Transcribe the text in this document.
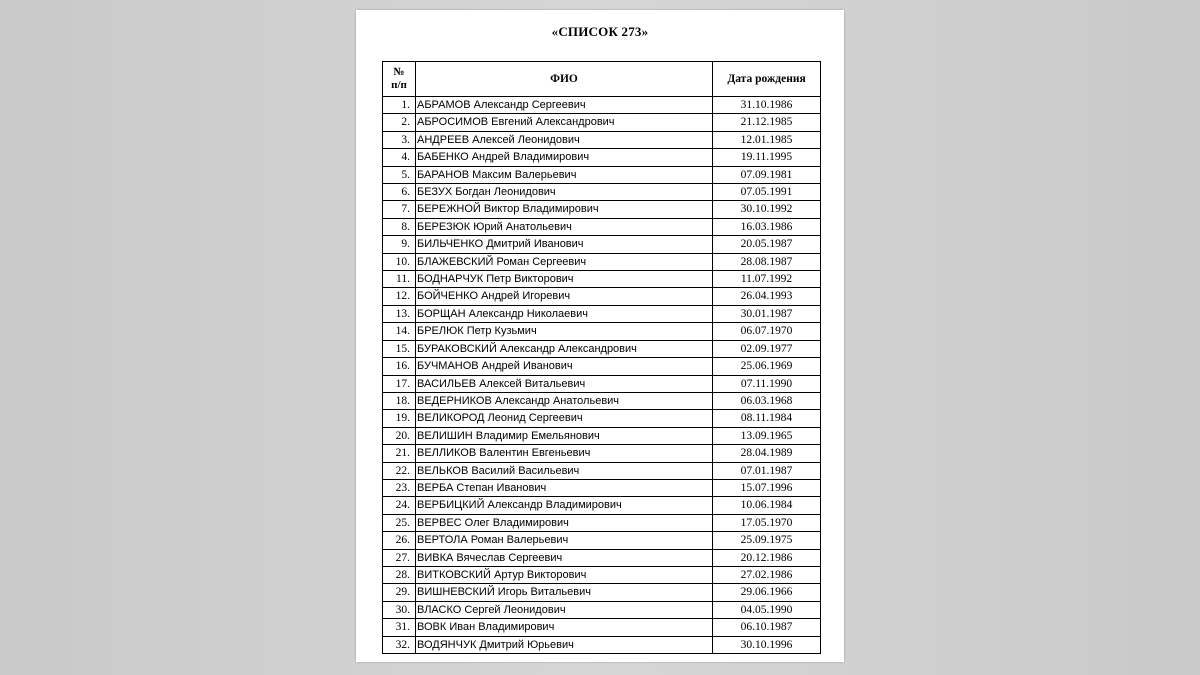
«СПИСОК 273»
№
п/п	ФИО	Дата рождения
1.	АБРАМОВ Александр Сергеевич	31.10.1986
2.	АБРОСИМОВ Евгений Александрович	21.12.1985
3.	АНДРЕЕВ Алексей Леонидович	12.01.1985
4.	БАБЕНКО Андрей Владимирович	19.11.1995
5.	БАРАНОВ Максим Валерьевич	07.09.1981
6.	БЕЗУХ Богдан Леонидович	07.05.1991
7.	БЕРЕЖНОЙ Виктор Владимирович	30.10.1992
8.	БЕРЕЗЮК Юрий Анатольевич	16.03.1986
9.	БИЛЬЧЕНКО Дмитрий Иванович	20.05.1987
10.	БЛАЖЕВСКИЙ Роман Сергеевич	28.08.1987
11.	БОДНАРЧУК Петр Викторович	11.07.1992
12.	БОЙЧЕНКО Андрей Игоревич	26.04.1993
13.	БОРЩАН Александр Николаевич	30.01.1987
14.	БРЕЛЮК Петр Кузьмич	06.07.1970
15.	БУРАКОВСКИЙ Александр Александрович	02.09.1977
16.	БУЧМАНОВ Андрей Иванович	25.06.1969
17.	ВАСИЛЬЕВ Алексей Витальевич	07.11.1990
18.	ВЕДЕРНИКОВ Александр Анатольевич	06.03.1968
19.	ВЕЛИКОРОД Леонид Сергеевич	08.11.1984
20.	ВЕЛИШИН Владимир Емельянович	13.09.1965
21.	ВЕЛЛИКОВ Валентин Евгеньевич	28.04.1989
22.	ВЕЛЬКОВ Василий Васильевич	07.01.1987
23.	ВЕРБА Степан Иванович	15.07.1996
24.	ВЕРБИЦКИЙ Александр Владимирович	10.06.1984
25.	ВЕРВЕС Олег Владимирович	17.05.1970
26.	ВЕРТОЛА Роман Валерьевич	25.09.1975
27.	ВИВКА Вячеслав Сергеевич	20.12.1986
28.	ВИТКОВСКИЙ Артур Викторович	27.02.1986
29.	ВИШНЕВСКИЙ Игорь Витальевич	29.06.1966
30.	ВЛАСКО Сергей Леонидович	04.05.1990
31.	ВОВК Иван Владимирович	06.10.1987
32.	ВОДЯНЧУК Дмитрий Юрьевич	30.10.1996
